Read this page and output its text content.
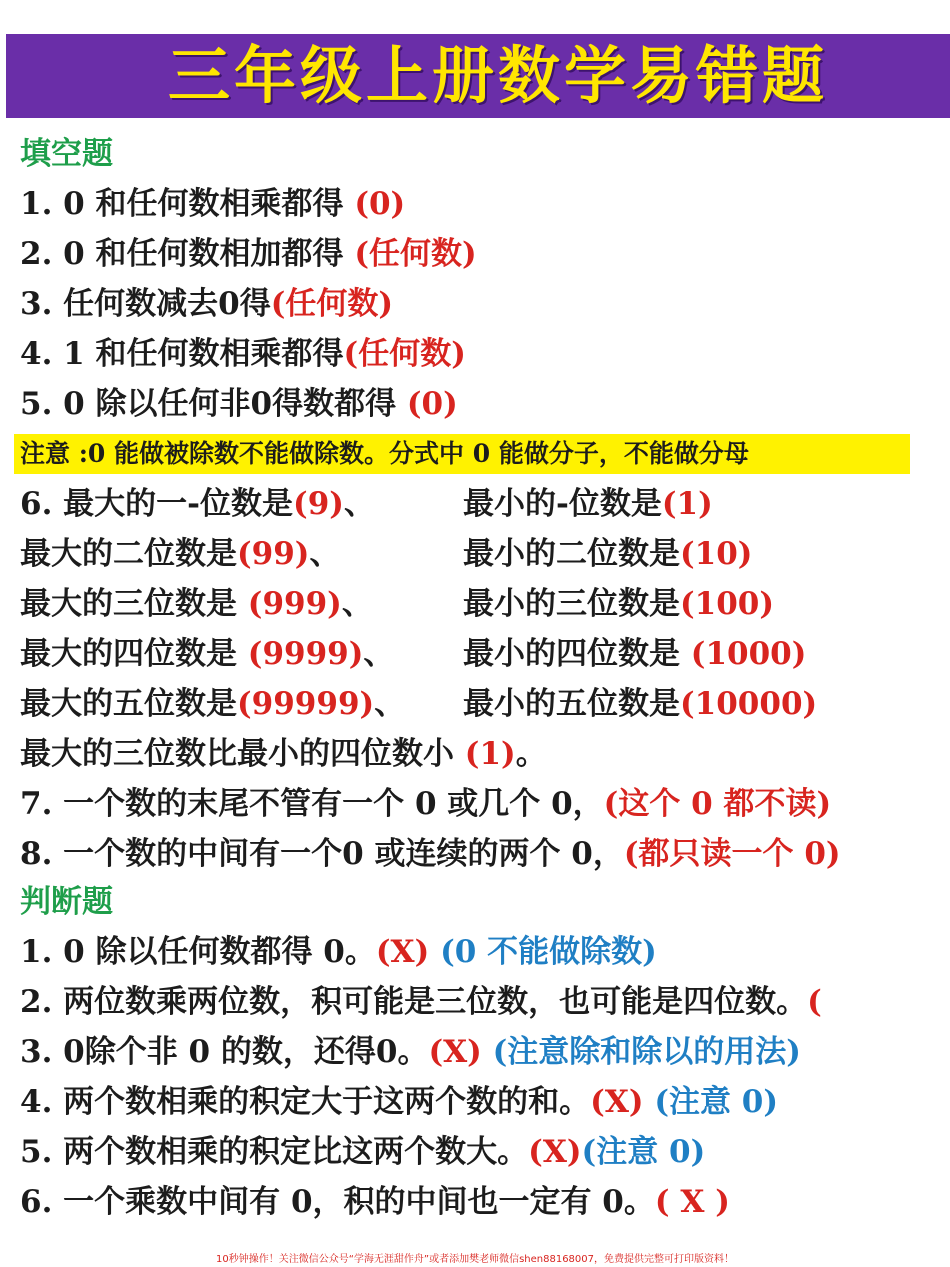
三年级上册数学易错题
填空题
1. 0 和任何数相乘都得 (0)
2. 0 和任何数相加都得 (任何数)
3. 任何数减去0得(任何数)
4. 1 和任何数相乘都得(任何数)
5. 0 除以任何非0得数都得 (0)
注意 :0 能做被除数不能做除数。分式中 0 能做分子，不能做分母
6. 最大的一-位数是(9)、	最小的-位数是(1)
最大的二位数是(99)、	最小的二位数是(10)
最大的三位数是 (999)、	最小的三位数是(100)
最大的四位数是 (9999)、 最小的四位数是 (1000)
最大的五位数是(99999)、 最小的五位数是(10000)
最大的三位数比最小的四位数小 (1)。
7. 一个数的末尾不管有一个 0 或几个 0，(这个 0 都不读)
8. 一个数的中间有一个0 或连续的两个 0，(都只读一个 0)
判断题
1. 0 除以任何数都得 0。(X) (0 不能做除数)
2. 两位数乘两位数，积可能是三位数，也可能是四位数。(
3. 0除个非 0 的数，还得0。(X) (注意除和除以的用法)
4. 两个数相乘的积定大于这两个数的和。(X) (注意 0)
5. 两个数相乘的积定比这两个数大。(X)(注意 0)
6. 一个乘数中间有 0，积的中间也一定有 0。( X )
10秒钟操作！关注微信公众号“学海无涯甜作舟”或者添加樊老师微信shen88168007，免费提供完整可打印版资料！
